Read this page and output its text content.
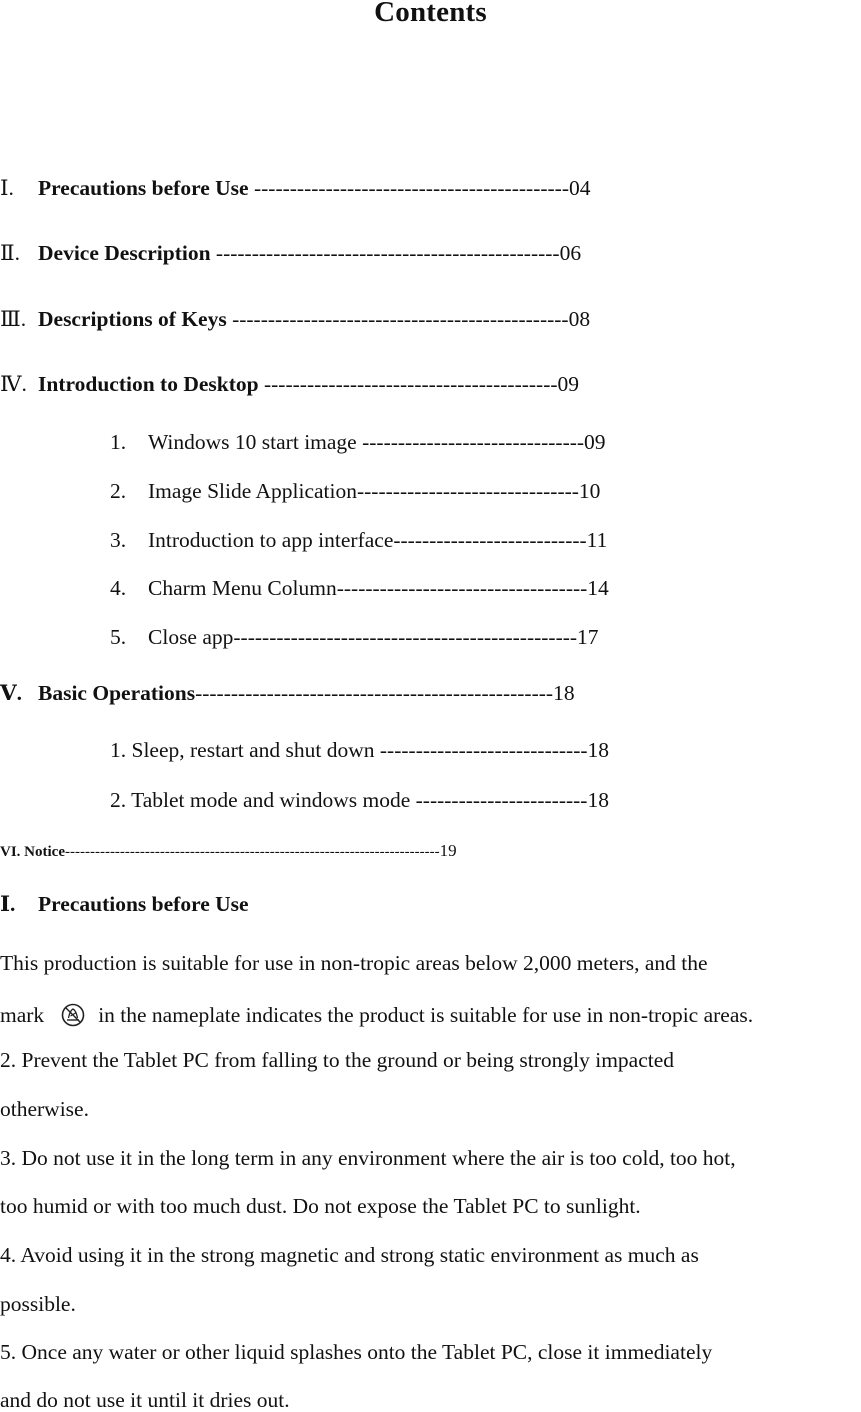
Contents
Ⅰ. Precautions before Use --------------------------------------------04
Ⅱ. Device Description ------------------------------------------------06
Ⅲ. Descriptions of Keys -----------------------------------------------08
Ⅳ. Introduction to Desktop -----------------------------------------09
1. Windows 10 start image -------------------------------09
2. Image Slide Application-------------------------------10
3. Introduction to app interface---------------------------11
4. Charm Menu Column-----------------------------------14
5. Close app------------------------------------------------17
Ⅴ. Basic Operations--------------------------------------------------18
1. Sleep, restart and shut down -----------------------------18
2. Tablet mode and windows mode ------------------------18
VI. Notice---------------------------------------------------------------------------19
Ⅰ. Precautions before Use
This production is suitable for use in non-tropic areas below 2,000 meters, and the
mark	in the nameplate indicates the product is suitable for use in non-tropic areas.
2. Prevent the Tablet PC from falling to the ground or being strongly impacted
otherwise.
3. Do not use it in the long term in any environment where the air is too cold, too hot,
too humid or with too much dust. Do not expose the Tablet PC to sunlight.
4. Avoid using it in the strong magnetic and strong static environment as much as
possible.
5. Once any water or other liquid splashes onto the Tablet PC, close it immediately
and do not use it until it dries out.
